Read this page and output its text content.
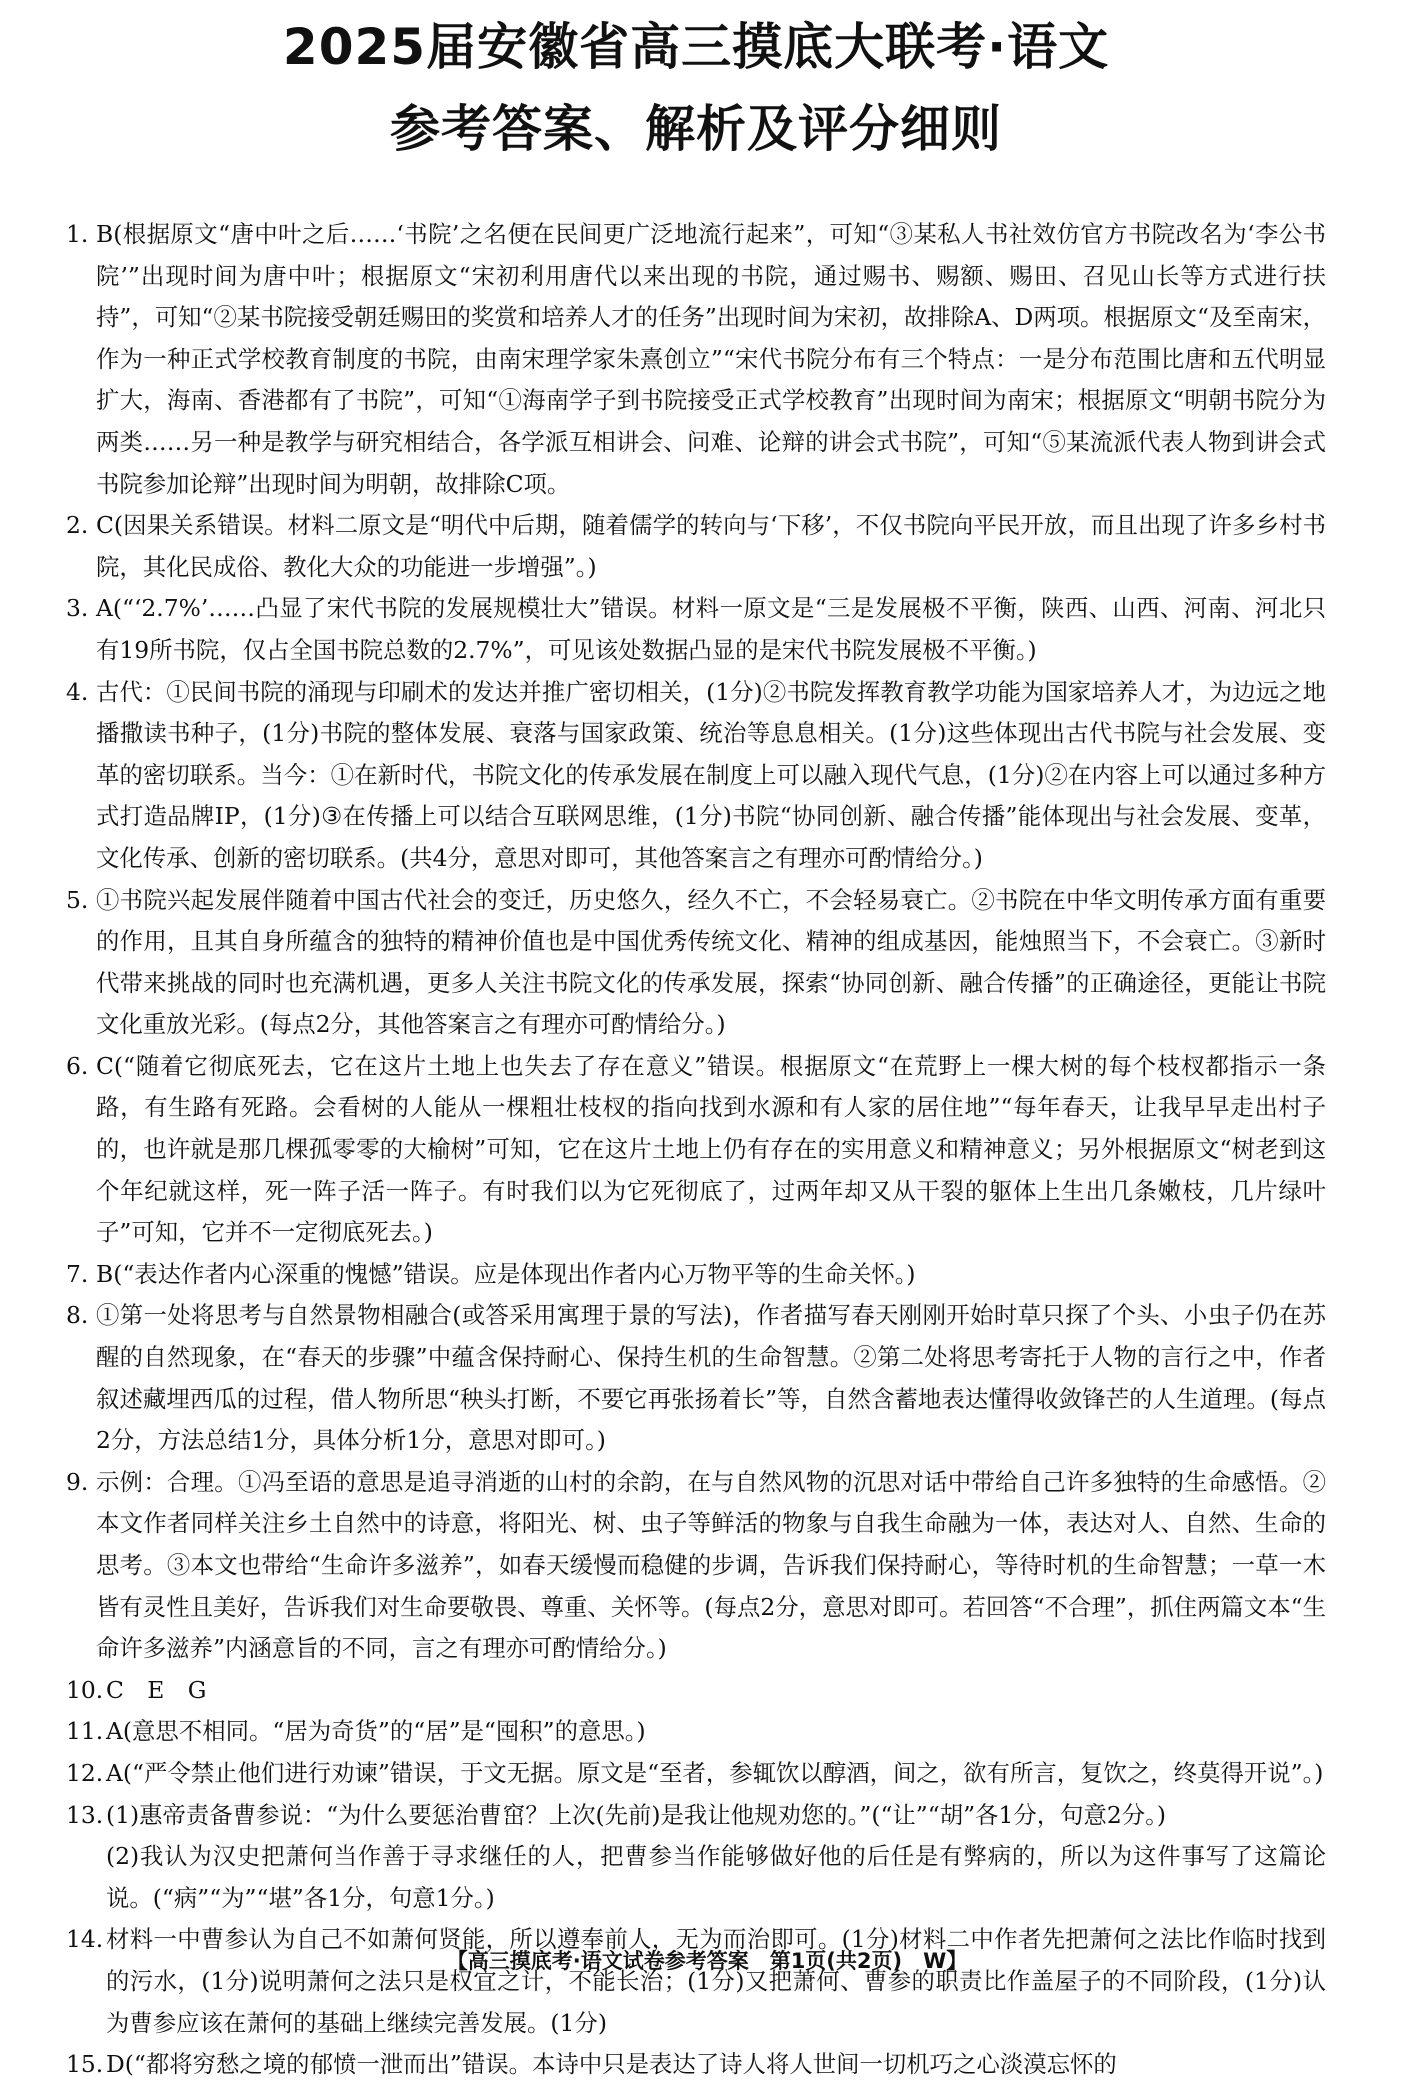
2025届安徽省高三摸底大联考·语文
参考答案、解析及评分细则
1. B(根据原文“唐中叶之后……‘书院’之名便在民间更广泛地流行起来”，可知“③某私人书社效仿官方书院改名为‘李公书院’”出现时间为唐中叶；根据原文“宋初利用唐代以来出现的书院，通过赐书、赐额、赐田、召见山长等方式进行扶持”，可知“②某书院接受朝廷赐田的奖赏和培养人才的任务”出现时间为宋初，故排除A、D两项。根据原文“及至南宋，作为一种正式学校教育制度的书院，由南宋理学家朱熹创立”“宋代书院分布有三个特点：一是分布范围比唐和五代明显扩大，海南、香港都有了书院”，可知“①海南学子到书院接受正式学校教育”出现时间为南宋；根据原文“明朝书院分为两类……另一种是教学与研究相结合，各学派互相讲会、问难、论辩的讲会式书院”，可知“⑤某流派代表人物到讲会式书院参加论辩”出现时间为明朝，故排除C项。

2. C(因果关系错误。材料二原文是“明代中后期，随着儒学的转向与‘下移’，不仅书院向平民开放，而且出现了许多乡村书院，其化民成俗、教化大众的功能进一步增强”。)

3. A(“‘2.7%’……凸显了宋代书院的发展规模壮大”错误。材料一原文是“三是发展极不平衡，陕西、山西、河南、河北只有19所书院，仅占全国书院总数的2.7%”，可见该处数据凸显的是宋代书院发展极不平衡。)

4. 古代：①民间书院的涌现与印刷术的发达并推广密切相关，(1分)②书院发挥教育教学功能为国家培养人才，为边远之地播撒读书种子，(1分)书院的整体发展、衰落与国家政策、统治等息息相关。(1分)这些体现出古代书院与社会发展、变革的密切联系。当今：①在新时代，书院文化的传承发展在制度上可以融入现代气息，(1分)②在内容上可以通过多种方式打造品牌IP，(1分)③在传播上可以结合互联网思维，(1分)书院“协同创新、融合传播”能体现出与社会发展、变革，文化传承、创新的密切联系。(共4分，意思对即可，其他答案言之有理亦可酌情给分。)

5. ①书院兴起发展伴随着中国古代社会的变迁，历史悠久，经久不亡，不会轻易衰亡。②书院在中华文明传承方面有重要的作用，且其自身所蕴含的独特的精神价值也是中国优秀传统文化、精神的组成基因，能烛照当下，不会衰亡。③新时代带来挑战的同时也充满机遇，更多人关注书院文化的传承发展，探索“协同创新、融合传播”的正确途径，更能让书院文化重放光彩。(每点2分，其他答案言之有理亦可酌情给分。)

6. C(“随着它彻底死去，它在这片土地上也失去了存在意义”错误。根据原文“在荒野上一棵大树的每个枝杈都指示一条路，有生路有死路。会看树的人能从一棵粗壮枝杈的指向找到水源和有人家的居住地”“每年春天，让我早早走出村子的，也许就是那几棵孤零零的大榆树”可知，它在这片土地上仍有存在的实用意义和精神意义；另外根据原文“树老到这个年纪就这样，死一阵子活一阵子。有时我们以为它死彻底了，过两年却又从干裂的躯体上生出几条嫩枝，几片绿叶子”可知，它并不一定彻底死去。)

7. B(“表达作者内心深重的愧憾”错误。应是体现出作者内心万物平等的生命关怀。)

8. ①第一处将思考与自然景物相融合(或答采用寓理于景的写法)，作者描写春天刚刚开始时草只探了个头、小虫子仍在苏醒的自然现象，在“春天的步骤”中蕴含保持耐心、保持生机的生命智慧。②第二处将思考寄托于人物的言行之中，作者叙述藏埋西瓜的过程，借人物所思“秧头打断，不要它再张扬着长”等，自然含蓄地表达懂得收敛锋芒的人生道理。(每点2分，方法总结1分，具体分析1分，意思对即可。)

9. 示例：合理。①冯至语的意思是追寻消逝的山村的余韵，在与自然风物的沉思对话中带给自己许多独特的生命感悟。②本文作者同样关注乡土自然中的诗意，将阳光、树、虫子等鲜活的物象与自我生命融为一体，表达对人、自然、生命的思考。③本文也带给“生命许多滋养”，如春天缓慢而稳健的步调，告诉我们保持耐心，等待时机的生命智慧；一草一木皆有灵性且美好，告诉我们对生命要敬畏、尊重、关怀等。(每点2分，意思对即可。若回答“不合理”，抓住两篇文本“生命许多滋养”内涵意旨的不同，言之有理亦可酌情给分。)

10. C　E　G

11. A(意思不相同。“居为奇货”的“居”是“囤积”的意思。)

12. A(“严令禁止他们进行劝谏”错误，于文无据。原文是“至者，参辄饮以醇酒，间之，欲有所言，复饮之，终莫得开说”。)

13. (1)惠帝责备曹参说：“为什么要惩治曹窋？上次(先前)是我让他规劝您的。”(“让”“胡”各1分，句意2分。)

(2)我认为汉史把萧何当作善于寻求继任的人，把曹参当作能够做好他的后任是有弊病的，所以为这件事写了这篇论说。(“病”“为”“堪”各1分，句意1分。)

14. 材料一中曹参认为自己不如萧何贤能，所以遵奉前人，无为而治即可。(1分)材料二中作者先把萧何之法比作临时找到的污水，(1分)说明萧何之法只是权宜之计，不能长治；(1分)又把萧何、曹参的职责比作盖屋子的不同阶段，(1分)认为曹参应该在萧何的基础上继续完善发展。(1分)

15. D(“都将穷愁之境的郁愤一泄而出”错误。本诗中只是表达了诗人将人世间一切机巧之心淡漠忘怀的

【高三摸底考·语文试卷参考答案　第1页(共2页)　W】
